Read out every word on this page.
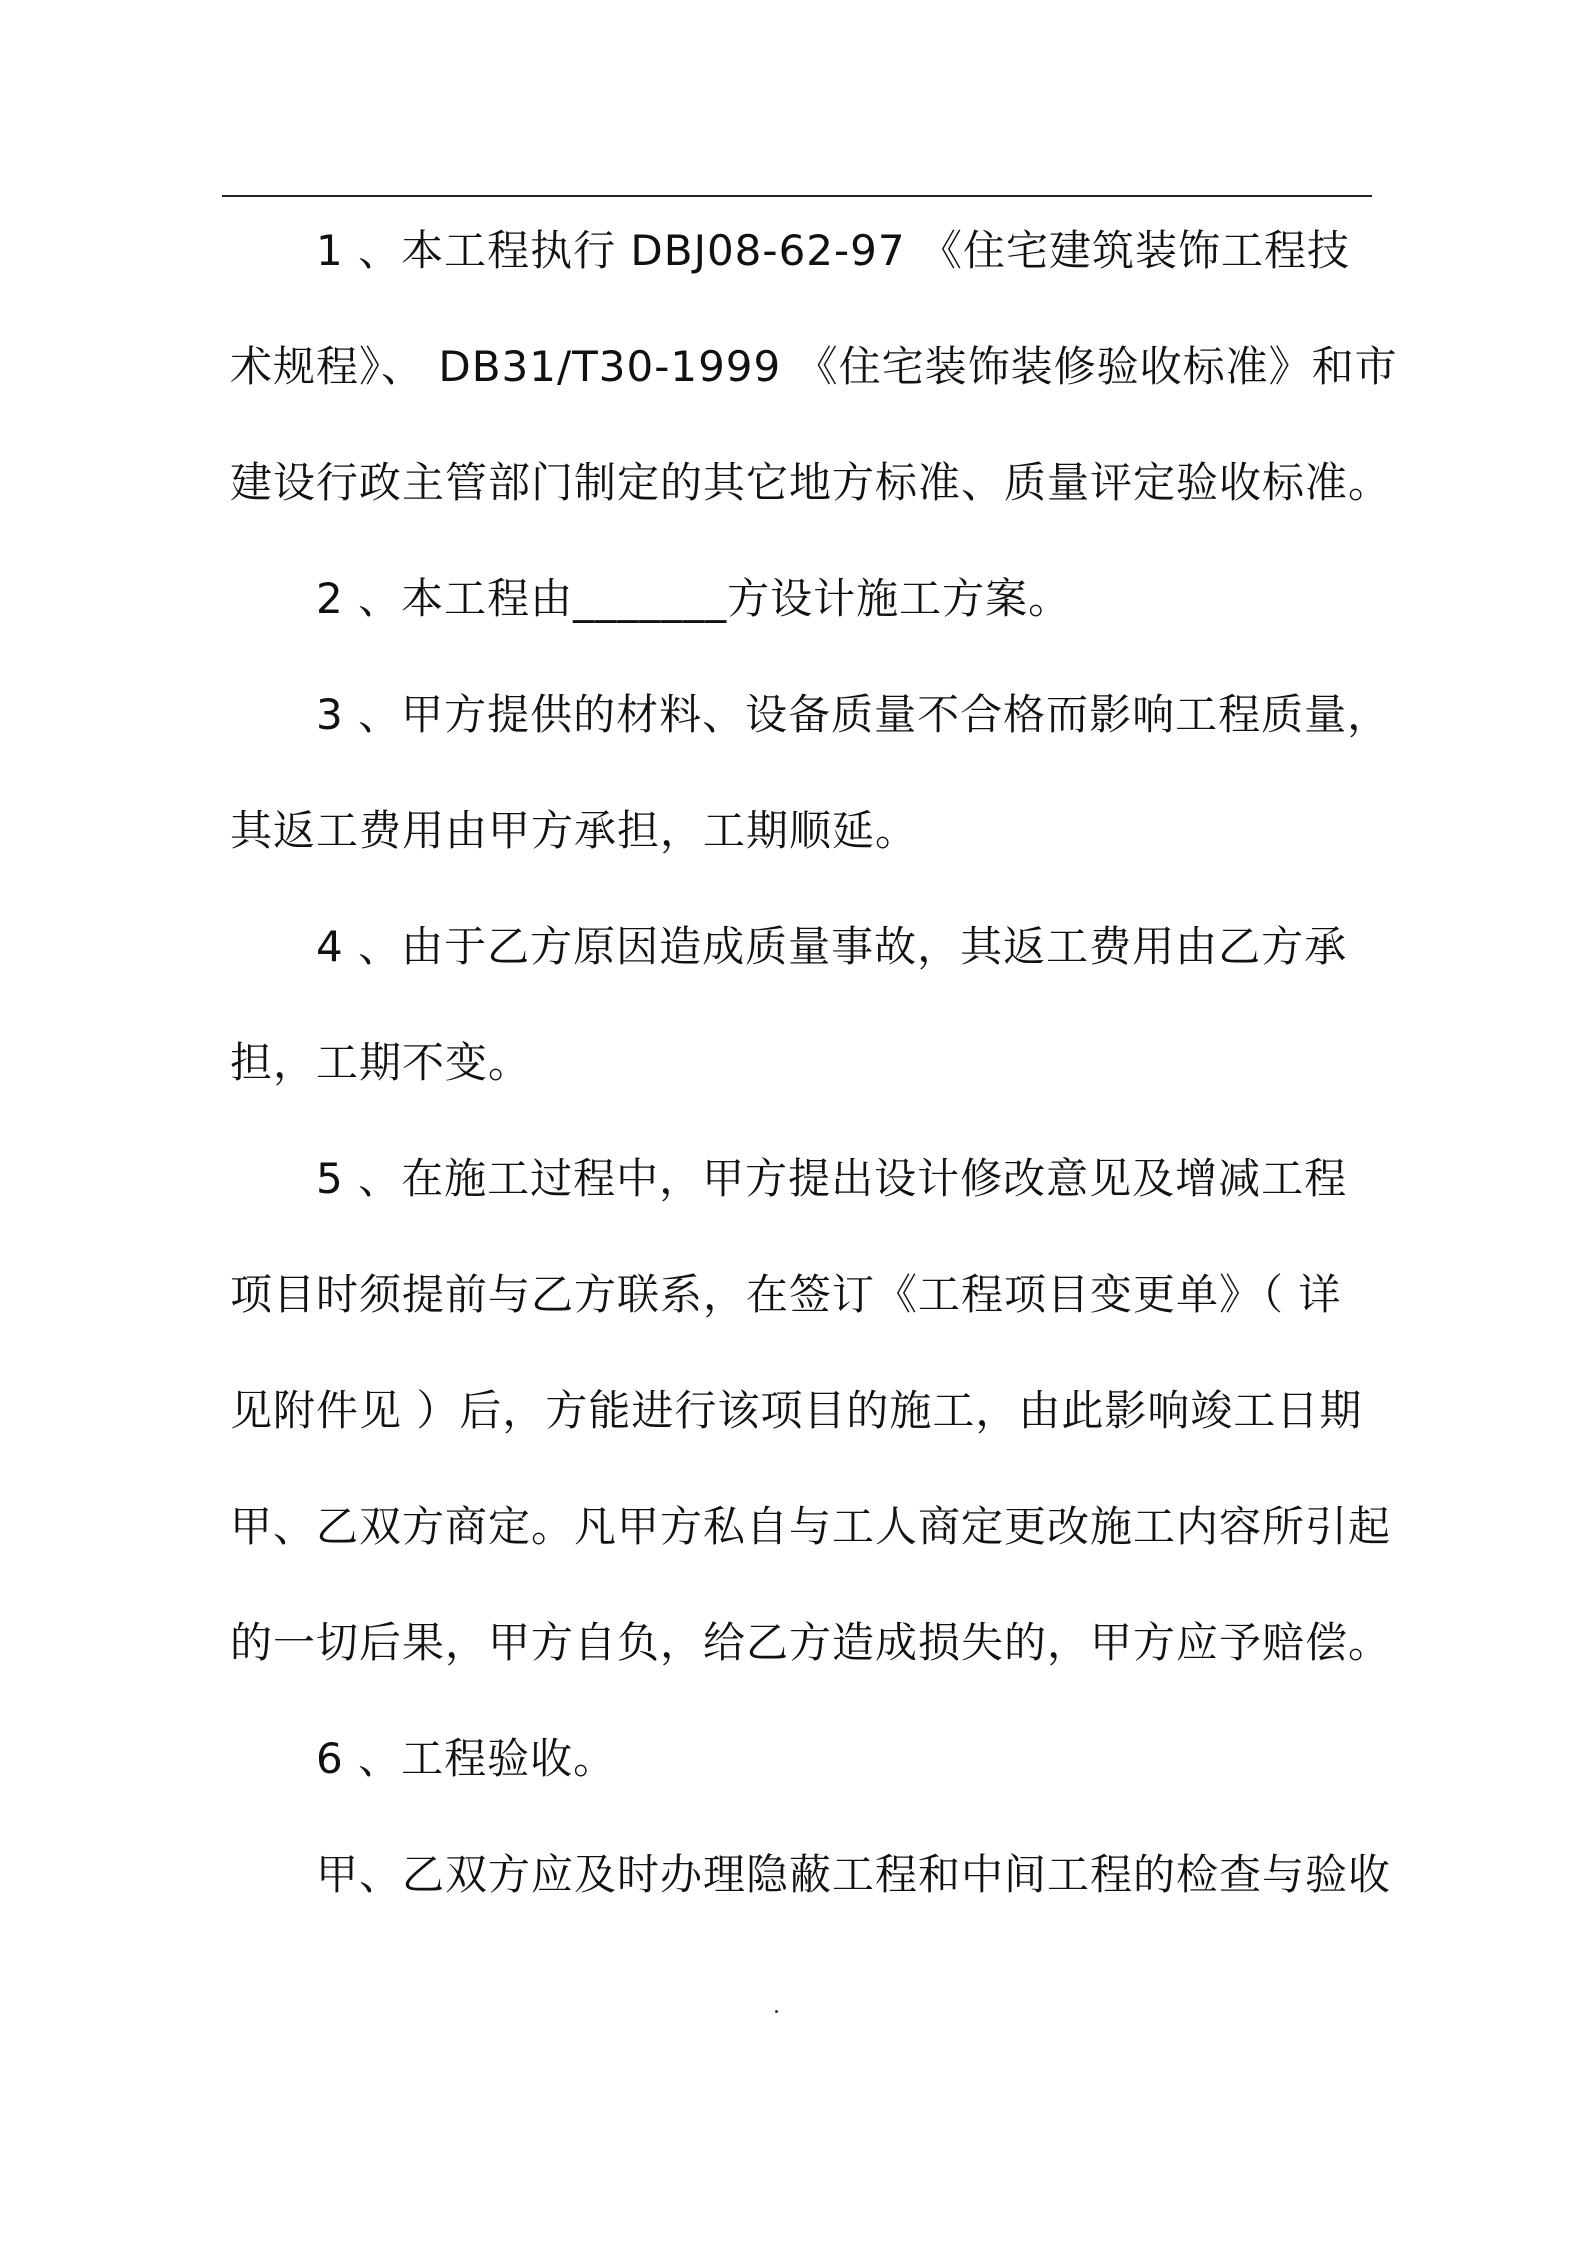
1 、本工程执行 DBJ08-62-97 《住宅建筑装饰工程技
术规程》、 DB31/T30-1999 《住宅装饰装修验收标准》和市
建设行政主管部门制定的其它地方标准、质量评定验收标准。
2 、本工程由_______方设计施工方案。
3 、甲方提供的材料、设备质量不合格而影响工程质量，
其返工费用由甲方承担，工期顺延。
4 、由于乙方原因造成质量事故，其返工费用由乙方承
担，工期不变。
5 、在施工过程中，甲方提出设计修改意见及增减工程
项目时须提前与乙方联系，在签订《工程项目变更单》（ 详
见附件见 ）后，方能进行该项目的施工，由此影响竣工日期
甲、乙双方商定。凡甲方私自与工人商定更改施工内容所引起
的一切后果，甲方自负，给乙方造成损失的，甲方应予赔偿。
6 、工程验收。
甲、乙双方应及时办理隐蔽工程和中间工程的检查与验收
